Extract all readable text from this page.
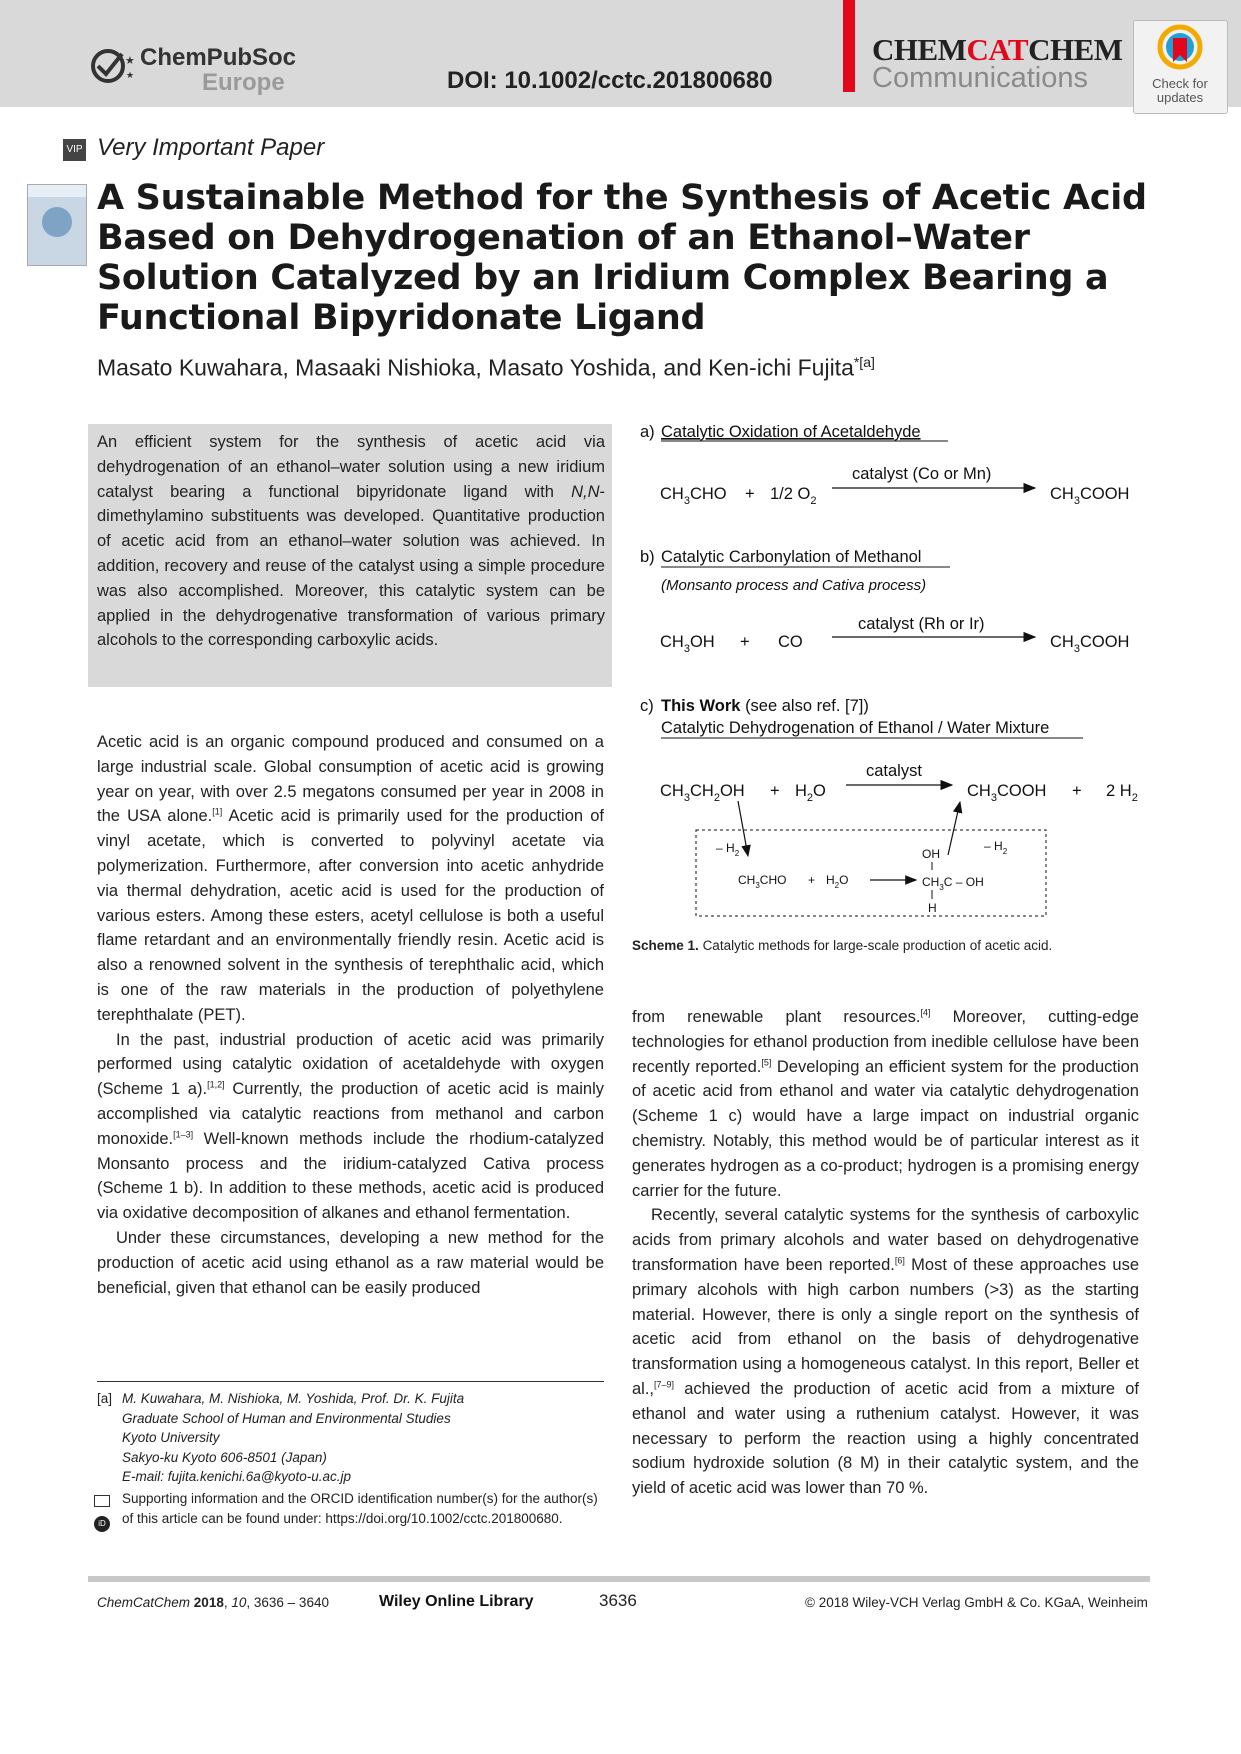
★
★
ChemPubSoc
Europe	DOI: 10.1002/cctc.201800680
CHEMCATCHEM
Communications	Check for
updates
VIP Very Important Paper
A Sustainable Method for the Synthesis of Acetic Acid Based on Dehydrogenation of an Ethanol–Water Solution Catalyzed by an Iridium Complex Bearing a Functional Bipyridonate Ligand
Masato Kuwahara, Masaaki Nishioka, Masato Yoshida, and Ken-ichi Fujita$^{*[a]}$
An efficient system for the synthesis of acetic acid via dehydrogenation of an ethanol–water solution using a new iridium catalyst bearing a functional bipyridonate ligand with N,N-dimethylamino substituents was developed. Quantitative production of acetic acid from an ethanol–water solution was achieved. In addition, recovery and reuse of the catalyst using a simple procedure was also accomplished. Moreover, this catalytic system can be applied in the dehydrogenative transformation of various primary alcohols to the corresponding carboxylic acids.
a) Catalytic Oxidation of Acetaldehyde
catalyst (Co or Mn)
$CH_3CHO + 1/2$ $O_2$	$CH_3COOH$
b) Catalytic Carbonylation of Methanol
(Monsanto process and Cativa process)
catalyst (Rh or Ir)
$CH_3OH$ + CO	$CH_3COOH$
c) This Work (see also ref. [7])
Catalytic Dehydrogenation of Ethanol / Water Mixture
catalyst
$CH_3CH_2OH + H_2O$	$CH_3COOH + 2$ $H_2$
– $H_2$
– $H_2$
$CH_3CHO + H_2O$
OH
$CH_3C$ – OH
H
Scheme 1. Catalytic methods for large-scale production of acetic acid.

Acetic acid is an organic compound produced and consumed on a large industrial scale. Global consumption of acetic acid is growing year on year, with over 2.5 megatons consumed per year in 2008 in the USA alone.[1] Acetic acid is primarily used for the production of vinyl acetate, which is converted to polyvinyl acetate via polymerization. Furthermore, after conversion into acetic anhydride via thermal dehydration, acetic acid is used for the production of various esters. Among these esters, acetyl cellulose is both a useful flame retardant and an environmentally friendly resin. Acetic acid is also a renowned solvent in the synthesis of terephthalic acid, which is one of the raw materials in the production of polyethylene terephthalate (PET).

In the past, industrial production of acetic acid was primarily performed using catalytic oxidation of acetaldehyde with oxygen (Scheme 1 a).[1,2] Currently, the production of acetic acid is mainly accomplished via catalytic reactions from methanol and carbon monoxide.[1–3] Well-known methods include the rhodium-catalyzed Monsanto process and the iridium-catalyzed Cativa process (Scheme 1 b). In addition to these methods, acetic acid is produced via oxidative decomposition of alkanes and ethanol fermentation.

Under these circumstances, developing a new method for the production of acetic acid using ethanol as a raw material would be beneficial, given that ethanol can be easily produced

from renewable plant resources.[4] Moreover, cutting-edge technologies for ethanol production from inedible cellulose have been recently reported.[5] Developing an efficient system for the production of acetic acid from ethanol and water via catalytic dehydrogenation (Scheme 1 c) would have a large impact on industrial organic chemistry. Notably, this method would be of particular interest as it generates hydrogen as a co-product; hydrogen is a promising energy carrier for the future.

Recently, several catalytic systems for the synthesis of carboxylic acids from primary alcohols and water based on dehydrogenative transformation have been reported.[6] Most of these approaches use primary alcohols with high carbon numbers (>3) as the starting material. However, there is only a single report on the synthesis of acetic acid from ethanol on the basis of dehydrogenative transformation using a homogeneous catalyst. In this report, Beller et al.,[7–9] achieved the production of acetic acid from a mixture of ethanol and water using a ruthenium catalyst. However, it was necessary to perform the reaction using a highly concentrated sodium hydroxide solution (8 M) in their catalytic system, and the yield of acetic acid was lower than 70 %.

[a] M. Kuwahara, M. Nishioka, M. Yoshida, Prof. Dr. K. Fujita
Graduate School of Human and Environmental Studies
Kyoto University
Sakyo-ku Kyoto 606-8501 (Japan)
E-mail: fujita.kenichi.6a@kyoto-u.ac.jp
Supporting information and the ORCID identification number(s) for the author(s) of this article can be found under: https://doi.org/10.1002/cctc.201800680.
iD
ChemCatChem 2018, 10, 3636 – 3640	Wiley Online Library	3636	© 2018 Wiley-VCH Verlag GmbH & Co. KGaA, Weinheim
